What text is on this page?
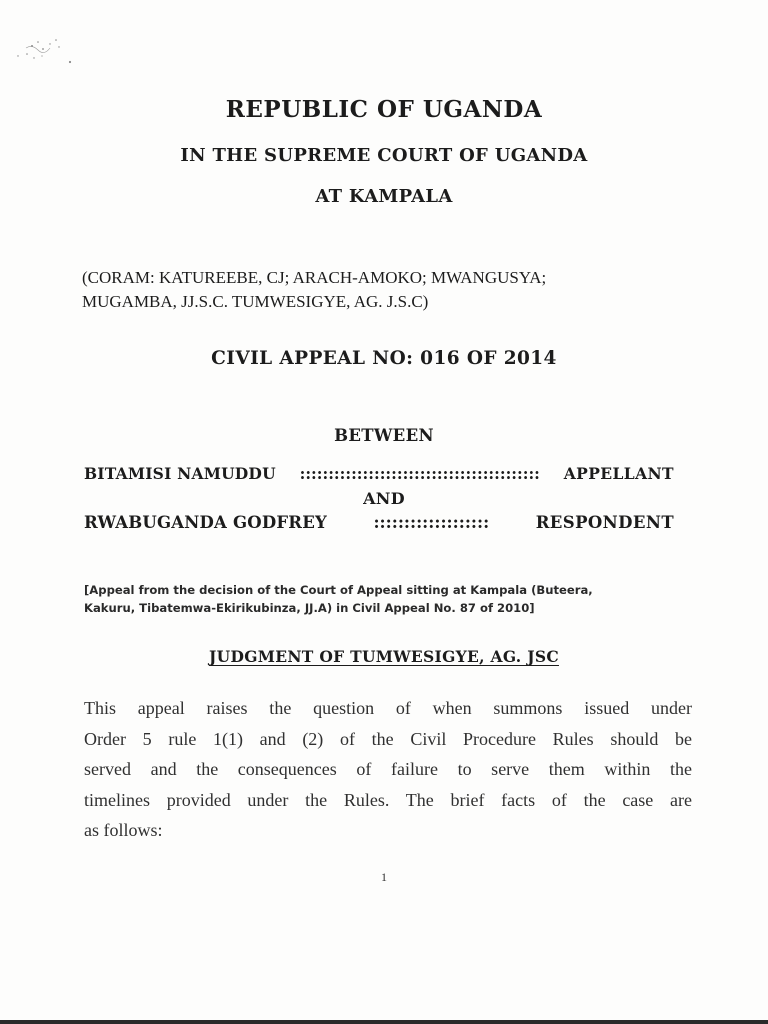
REPUBLIC OF UGANDA
IN THE SUPREME COURT OF UGANDA
AT KAMPALA
(CORAM: KATUREEBE, CJ; ARACH-AMOKO; MWANGUSYA;
MUGAMBA, JJ.S.C. TUMWESIGYE, AG. J.S.C)
CIVIL APPEAL NO: 016 OF 2014
BETWEEN
BITAMISI NAMUDDU :::::::::::::::::::::::::::::::::::::::::: APPELLANT
AND
RWABUGANDA GODFREY	:::::::::::::::::::	RESPONDENT
[Appeal from the decision of the Court of Appeal sitting at Kampala (Buteera,
Kakuru, Tibatemwa-Ekirikubinza, JJ.A) in Civil Appeal No. 87 of 2010]
JUDGMENT OF TUMWESIGYE, AG. JSC
This appeal raises the question of when summons issued under
Order 5 rule 1(1) and (2) of the Civil Procedure Rules should be
served and the consequences of failure to serve them within the
timelines provided under the Rules. The brief facts of the case are
as follows:
1
